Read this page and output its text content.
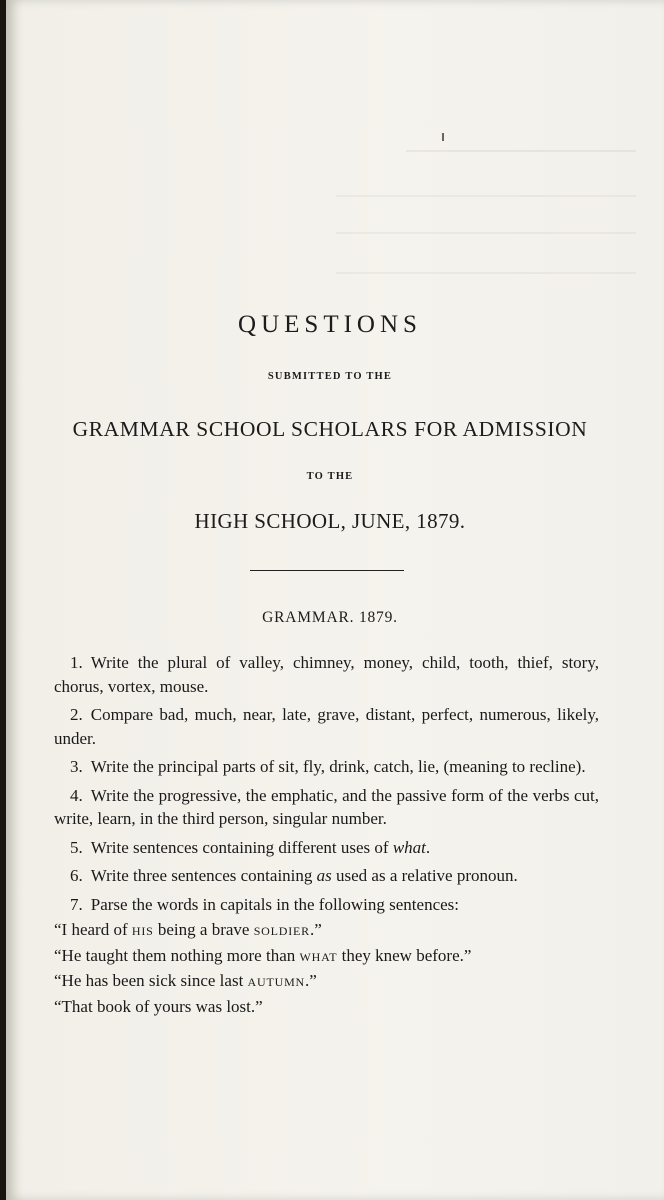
QUESTIONS
SUBMITTED TO THE
GRAMMAR SCHOOL SCHOLARS FOR ADMISSION
TO THE
HIGH SCHOOL, JUNE, 1879.
GRAMMAR. 1879.

1. Write the plural of valley, chimney, money, child, tooth, thief, story, chorus, vortex, mouse.

2. Compare bad, much, near, late, grave, distant, perfect, numerous, likely, under.

3. Write the principal parts of sit, fly, drink, catch, lie, (meaning to recline).

4. Write the progressive, the emphatic, and the passive form of the verbs cut, write, learn, in the third person, singular number.

5. Write sentences containing different uses of what.

6. Write three sentences containing as used as a relative pronoun.

7. Parse the words in capitals in the following sentences:

“I heard of HIS being a brave SOLDIER.”

“He taught them nothing more than WHAT they knew before.”

“He has been sick since last AUTUMN.”

“That book of yours was lost.”
